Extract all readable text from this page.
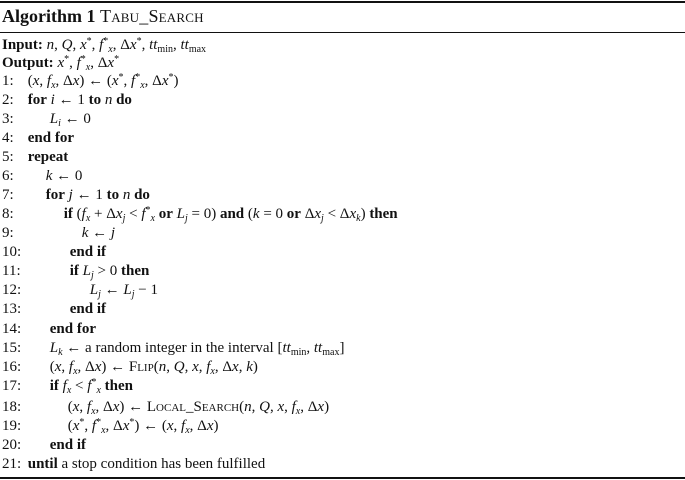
Algorithm 1 Tabu_Search
Input: n, Q, x*, $f^*_x$, Δx*, $tt_{min}$, $tt_{max}$
Output: x*, $f^*_x$, Δx*
1: (x, $f_x$, Δx) ← (x*, $f^*_x$, Δx*)
2: for i ← 1 to n do
3: $L_i$ ← 0
4: end for
5: repeat
6: k ← 0
7: for j ← 1 to n do
8:	if ($f_x + \Delta x_j < f^*_x$ or $L_j = 0$) and (k = 0 or $\Delta x_j < \Delta x_k$) then
9:	k ← j
10:	end if
11:	if $L_j > 0$ then
12:	$L_j$ ← $L_j - 1$
13:	end if
14: end for
15: $L_k$ ← a random integer in the interval [$tt_{min}$, $tt_{max}$]
16: (x, $f_x$, Δx) ← Flip(n, Q, x, $f_x$, Δx, k)
17: if $f_x < f^*_x$ then
18:	(x, $f_x$, Δx) ← Local_Search(n, Q, x, $f_x$, Δx)
19:	(x*, $f^*_x$, Δx*) ← (x, $f_x$, Δx)
20: end if
21: until a stop condition has been fulfilled
